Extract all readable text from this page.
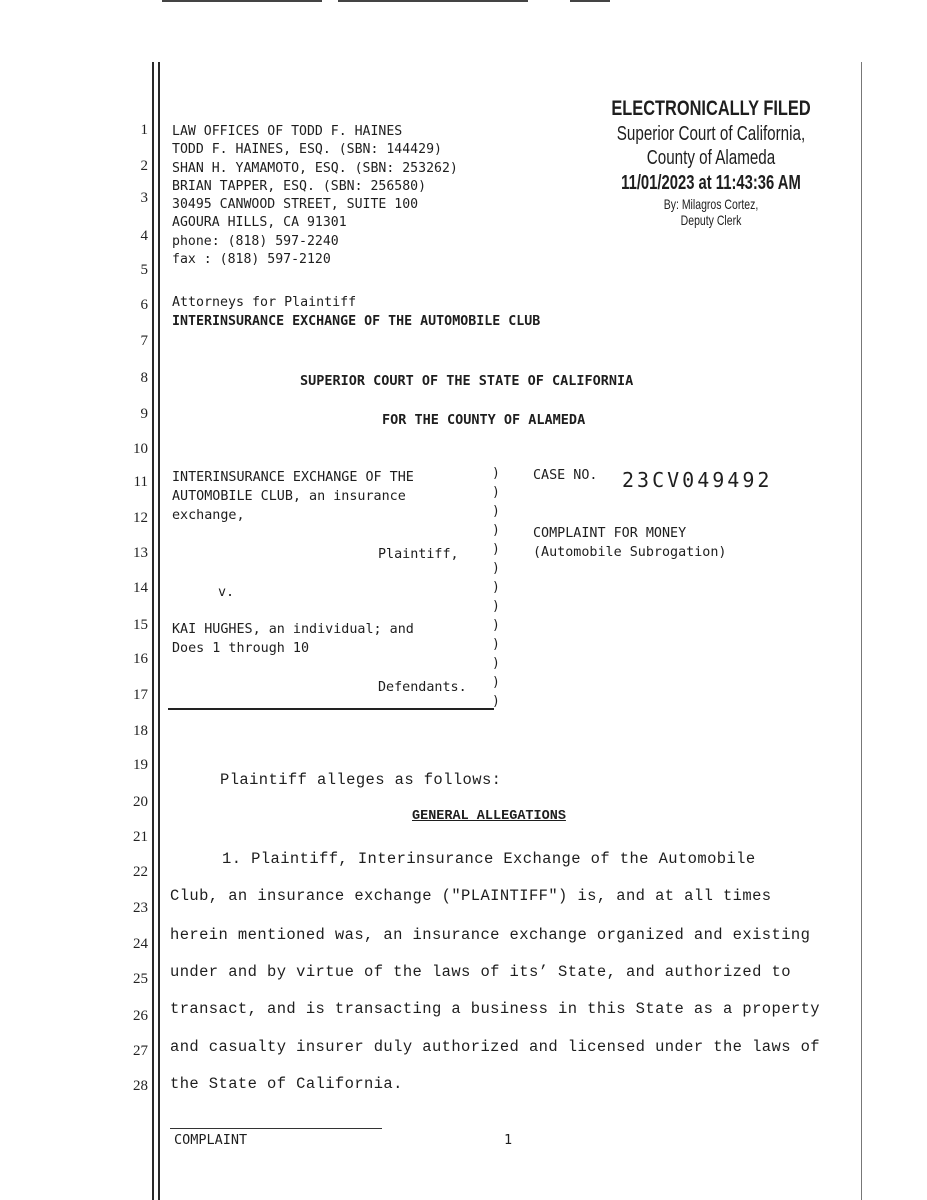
1
2
3
4
5
6
7
8
9
10
11
12
13
14
15
16
17
18
19
20
21
22
23
24
25
26
27
28
LAW OFFICES OF TODD F. HAINES
TODD F. HAINES, ESQ. (SBN: 144429)
SHAN H. YAMAMOTO, ESQ. (SBN: 253262)
BRIAN TAPPER, ESQ. (SBN: 256580)
30495 CANWOOD STREET, SUITE 100
AGOURA HILLS, CA 91301
phone: (818) 597-2240
fax : (818) 597-2120
ELECTRONICALLY FILED
Superior Court of California,
County of Alameda
11/01/2023 at 11:43:36 AM
By: Milagros Cortez,
Deputy Clerk
Attorneys for Plaintiff
INTERINSURANCE EXCHANGE OF THE AUTOMOBILE CLUB
SUPERIOR COURT OF THE STATE OF CALIFORNIA
FOR THE COUNTY OF ALAMEDA
INTERINSURANCE EXCHANGE OF THE
AUTOMOBILE CLUB, an insurance
exchange,
Plaintiff,
v.
KAI HUGHES, an individual; and
Does 1 through 10
Defendants.
)
)
)
)
)
)
)
)
)
)
)
)
)
CASE NO. 23CV049492
COMPLAINT FOR MONEY
(Automobile Subrogation)
Plaintiff alleges as follows:
GENERAL ALLEGATIONS
1. Plaintiff, Interinsurance Exchange of the Automobile
Club, an insurance exchange ("PLAINTIFF") is, and at all times
herein mentioned was, an insurance exchange organized and existing
under and by virtue of the laws of its’ State, and authorized to
transact, and is transacting a business in this State as a property
and casualty insurer duly authorized and licensed under the laws of
the State of California.
COMPLAINT	1
